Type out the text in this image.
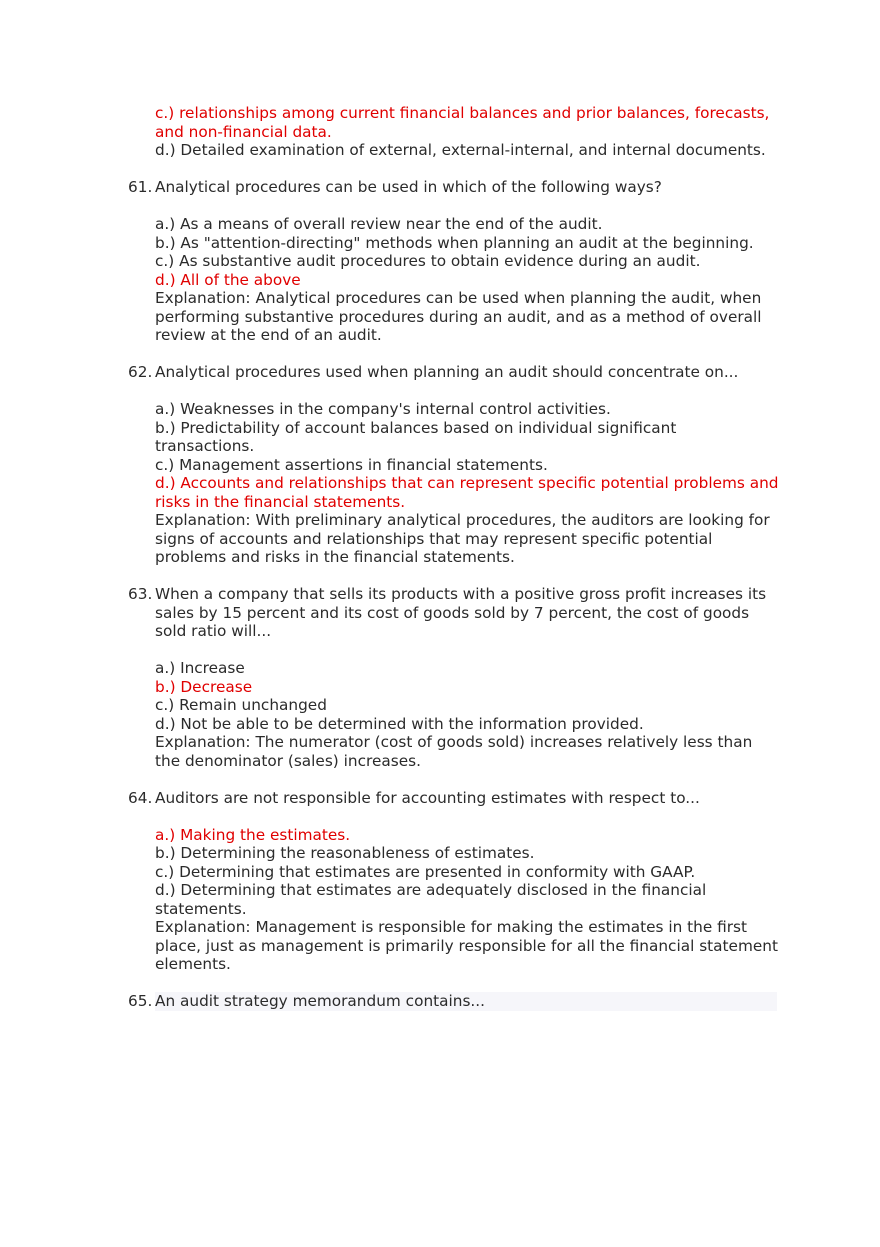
c.) relationships among current financial balances and prior balances, forecasts, and non-financial data.
d.) Detailed examination of external, external-internal, and internal documents.
61. Analytical procedures can be used in which of the following ways?
a.) As a means of overall review near the end of the audit.
b.) As "attention-directing" methods when planning an audit at the beginning.
c.) As substantive audit procedures to obtain evidence during an audit.
d.) All of the above
Explanation: Analytical procedures can be used when planning the audit, when performing substantive procedures during an audit, and as a method of overall review at the end of an audit.
62. Analytical procedures used when planning an audit should concentrate on...
a.) Weaknesses in the company's internal control activities.
b.) Predictability of account balances based on individual significant transactions.
c.) Management assertions in financial statements.
d.) Accounts and relationships that can represent specific potential problems and risks in the financial statements.
Explanation: With preliminary analytical procedures, the auditors are looking for signs of accounts and relationships that may represent specific potential problems and risks in the financial statements.
63. When a company that sells its products with a positive gross profit increases its sales by 15 percent and its cost of goods sold by 7 percent, the cost of goods sold ratio will...
a.) Increase
b.) Decrease
c.) Remain unchanged
d.) Not be able to be determined with the information provided.
Explanation: The numerator (cost of goods sold) increases relatively less than the denominator (sales) increases.
64. Auditors are not responsible for accounting estimates with respect to...
a.) Making the estimates.
b.) Determining the reasonableness of estimates.
c.) Determining that estimates are presented in conformity with GAAP.
d.) Determining that estimates are adequately disclosed in the financial statements.
Explanation: Management is responsible for making the estimates in the first place, just as management is primarily responsible for all the financial statement elements.
65. An audit strategy memorandum contains...
